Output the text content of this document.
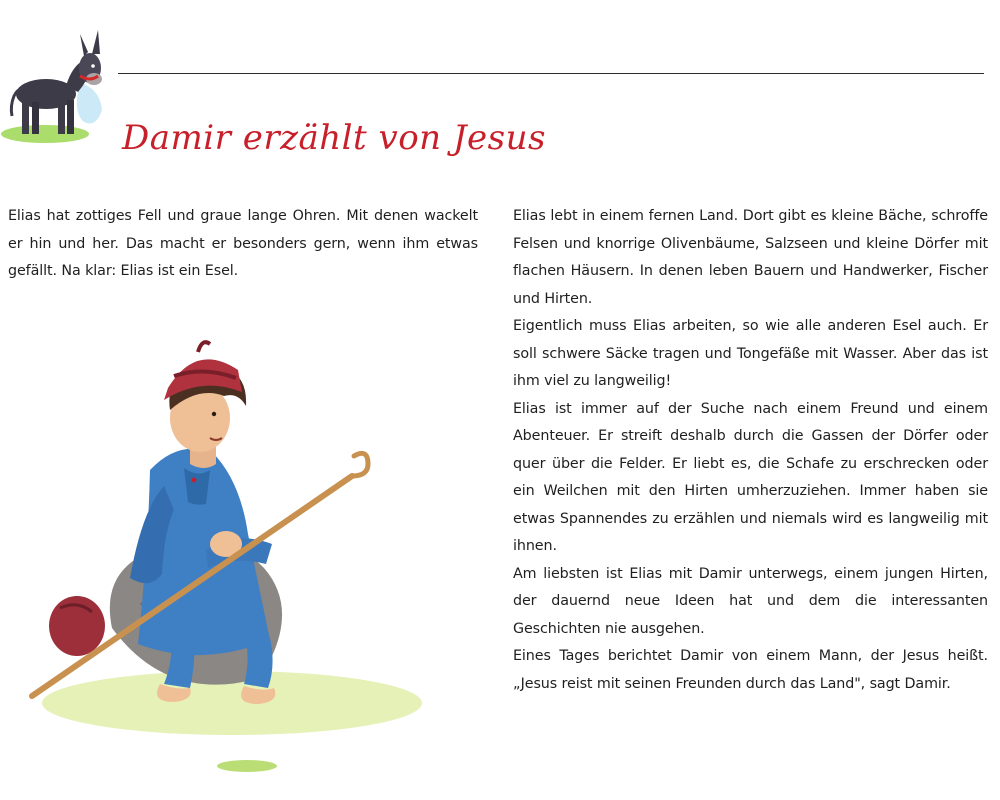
Damir erzählt von Jesus

Elias hat zottiges Fell und graue lange Ohren. Mit denen wackelt er hin und her. Das macht er besonders gern, wenn ihm etwas gefällt. Na klar: Elias ist ein Esel.

Elias lebt in einem fernen Land. Dort gibt es kleine Bäche, schroffe Felsen und knorrige Olivenbäume, Salzseen und kleine Dörfer mit flachen Häusern. In denen leben Bauern und Handwerker, Fischer und Hirten.

Eigentlich muss Elias arbeiten, so wie alle anderen Esel auch. Er soll schwere Säcke tragen und Tongefäße mit Wasser. Aber das ist ihm viel zu langweilig!

Elias ist immer auf der Suche nach einem Freund und einem Abenteuer. Er streift deshalb durch die Gassen der Dörfer oder quer über die Felder. Er liebt es, die Schafe zu erschrecken oder ein Weilchen mit den Hirten umherzuziehen. Immer haben sie etwas Spannendes zu erzählen und niemals wird es langweilig mit ihnen.

Am liebsten ist Elias mit Damir unterwegs, einem jungen Hirten, der dauernd neue Ideen hat und dem die interessanten Geschichten nie ausgehen.

Eines Tages berichtet Damir von einem Mann, der Jesus heißt. „Jesus reist mit seinen Freunden durch das Land", sagt Damir.
